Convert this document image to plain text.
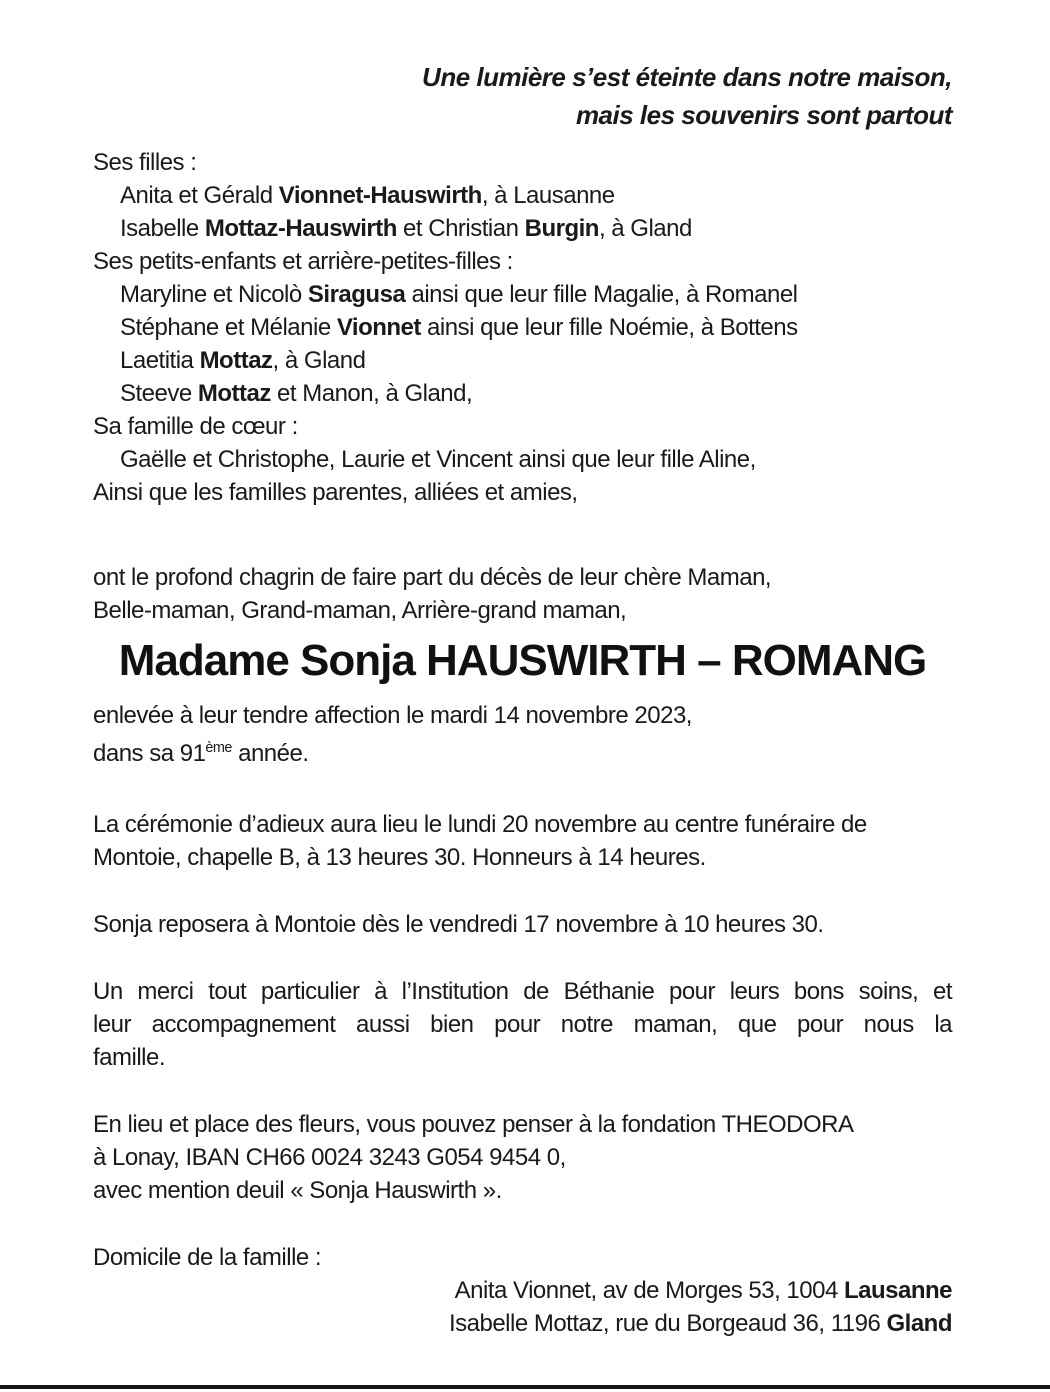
Une lumière s’est éteinte dans notre maison,
mais les souvenirs sont partout
Ses filles :
Anita et Gérald Vionnet-Hauswirth, à Lausanne
Isabelle Mottaz-Hauswirth et Christian Burgin, à Gland
Ses petits-enfants et arrière-petites-filles :
Maryline et Nicolò Siragusa ainsi que leur fille Magalie, à Romanel
Stéphane et Mélanie Vionnet ainsi que leur fille Noémie, à Bottens
Laetitia Mottaz, à Gland
Steeve Mottaz et Manon, à Gland,
Sa famille de cœur :
Gaëlle et Christophe, Laurie et Vincent ainsi que leur fille Aline,
Ainsi que les familles parentes, alliées et amies,
ont le profond chagrin de faire part du décès de leur chère Maman,
Belle-maman, Grand-maman, Arrière-grand maman,
Madame Sonja HAUSWIRTH – ROMANG
enlevée à leur tendre affection le mardi 14 novembre 2023,
dans sa 91ème année.
La cérémonie d’adieux aura lieu le lundi 20 novembre au centre funéraire de
Montoie, chapelle B, à 13 heures 30. Honneurs à 14 heures.
Sonja reposera à Montoie dès le vendredi 17 novembre à 10 heures 30.
Un merci tout particulier à l’Institution de Béthanie pour leurs bons soins, et
leur accompagnement aussi bien pour notre maman, que pour nous la
famille.
En lieu et place des fleurs, vous pouvez penser à la fondation THEODORA
à Lonay, IBAN CH66 0024 3243 G054 9454 0,
avec mention deuil « Sonja Hauswirth ».
Domicile de la famille :
Anita Vionnet, av de Morges 53, 1004 Lausanne
Isabelle Mottaz, rue du Borgeaud 36, 1196 Gland
